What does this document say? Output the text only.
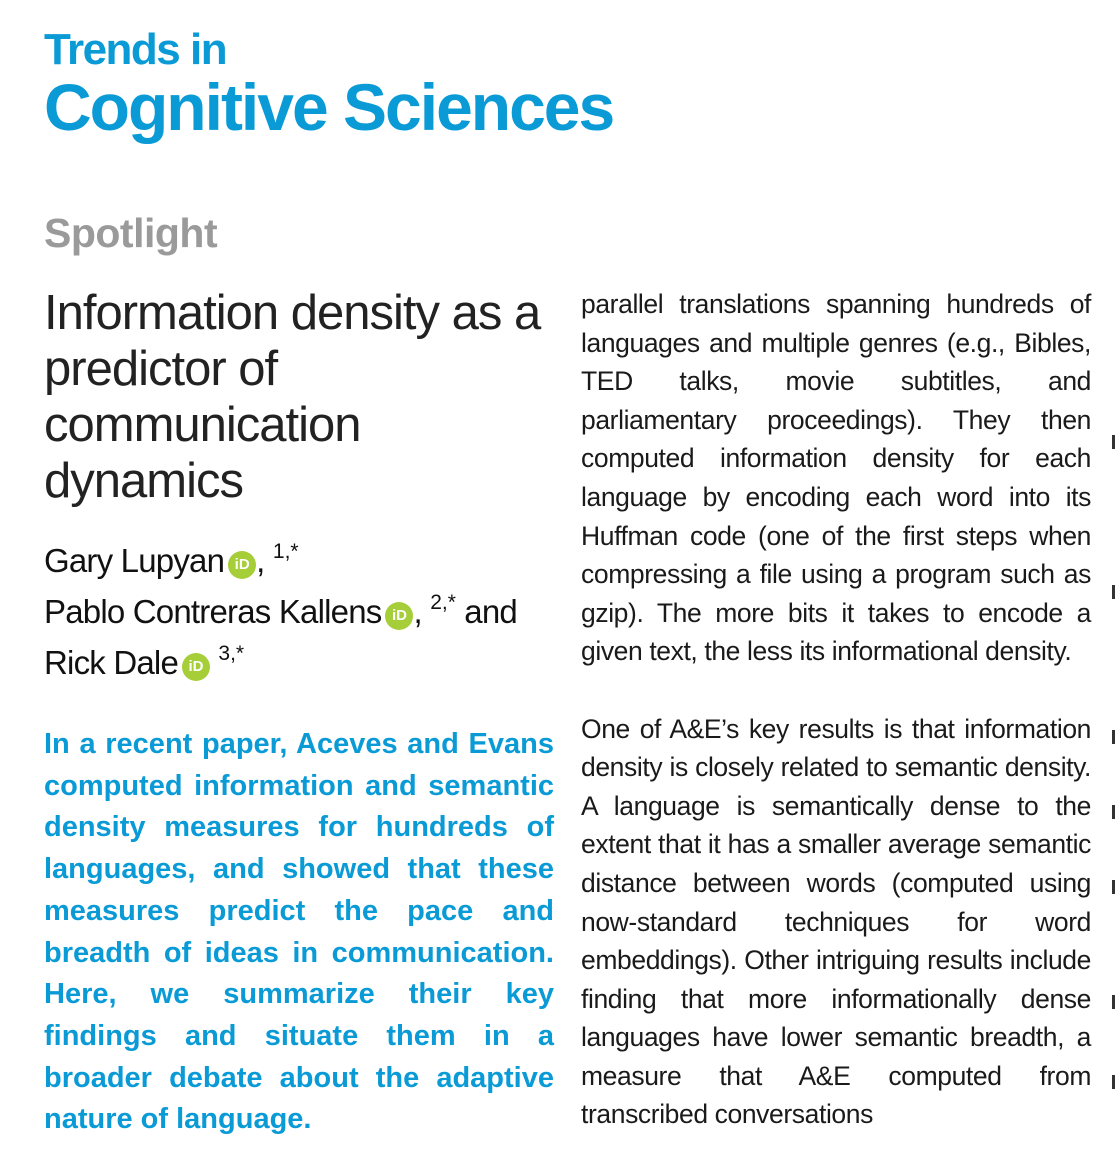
Trends in
Cognitive Sciences
Spotlight
Information density as a predictor of communication dynamics
Gary Lupyan iD , $^{1,*}$
Pablo Contreras Kallens iD , $^{2,*}$ and
Rick Dale iD $^{3,*}$

In a recent paper, Aceves and Evans computed information and semantic density measures for hundreds of languages, and showed that these measures predict the pace and breadth of ideas in communication. Here, we summarize their key findings and situate them in a broader debate about the adaptive nature of language.

parallel translations spanning hundreds of languages and multiple genres (e.g., Bibles, TED talks, movie subtitles, and parliamentary proceedings). They then computed information density for each language by encoding each word into its Huffman code (one of the first steps when compressing a file using a program such as gzip). The more bits it takes to encode a given text, the less its informational density.

One of A&E’s key results is that information density is closely related to semantic density. A language is semantically dense to the extent that it has a smaller average semantic distance between words (computed using now-standard techniques for word embeddings). Other intriguing results include finding that more informationally dense languages have lower semantic breadth, a measure that A&E computed from transcribed conversations
